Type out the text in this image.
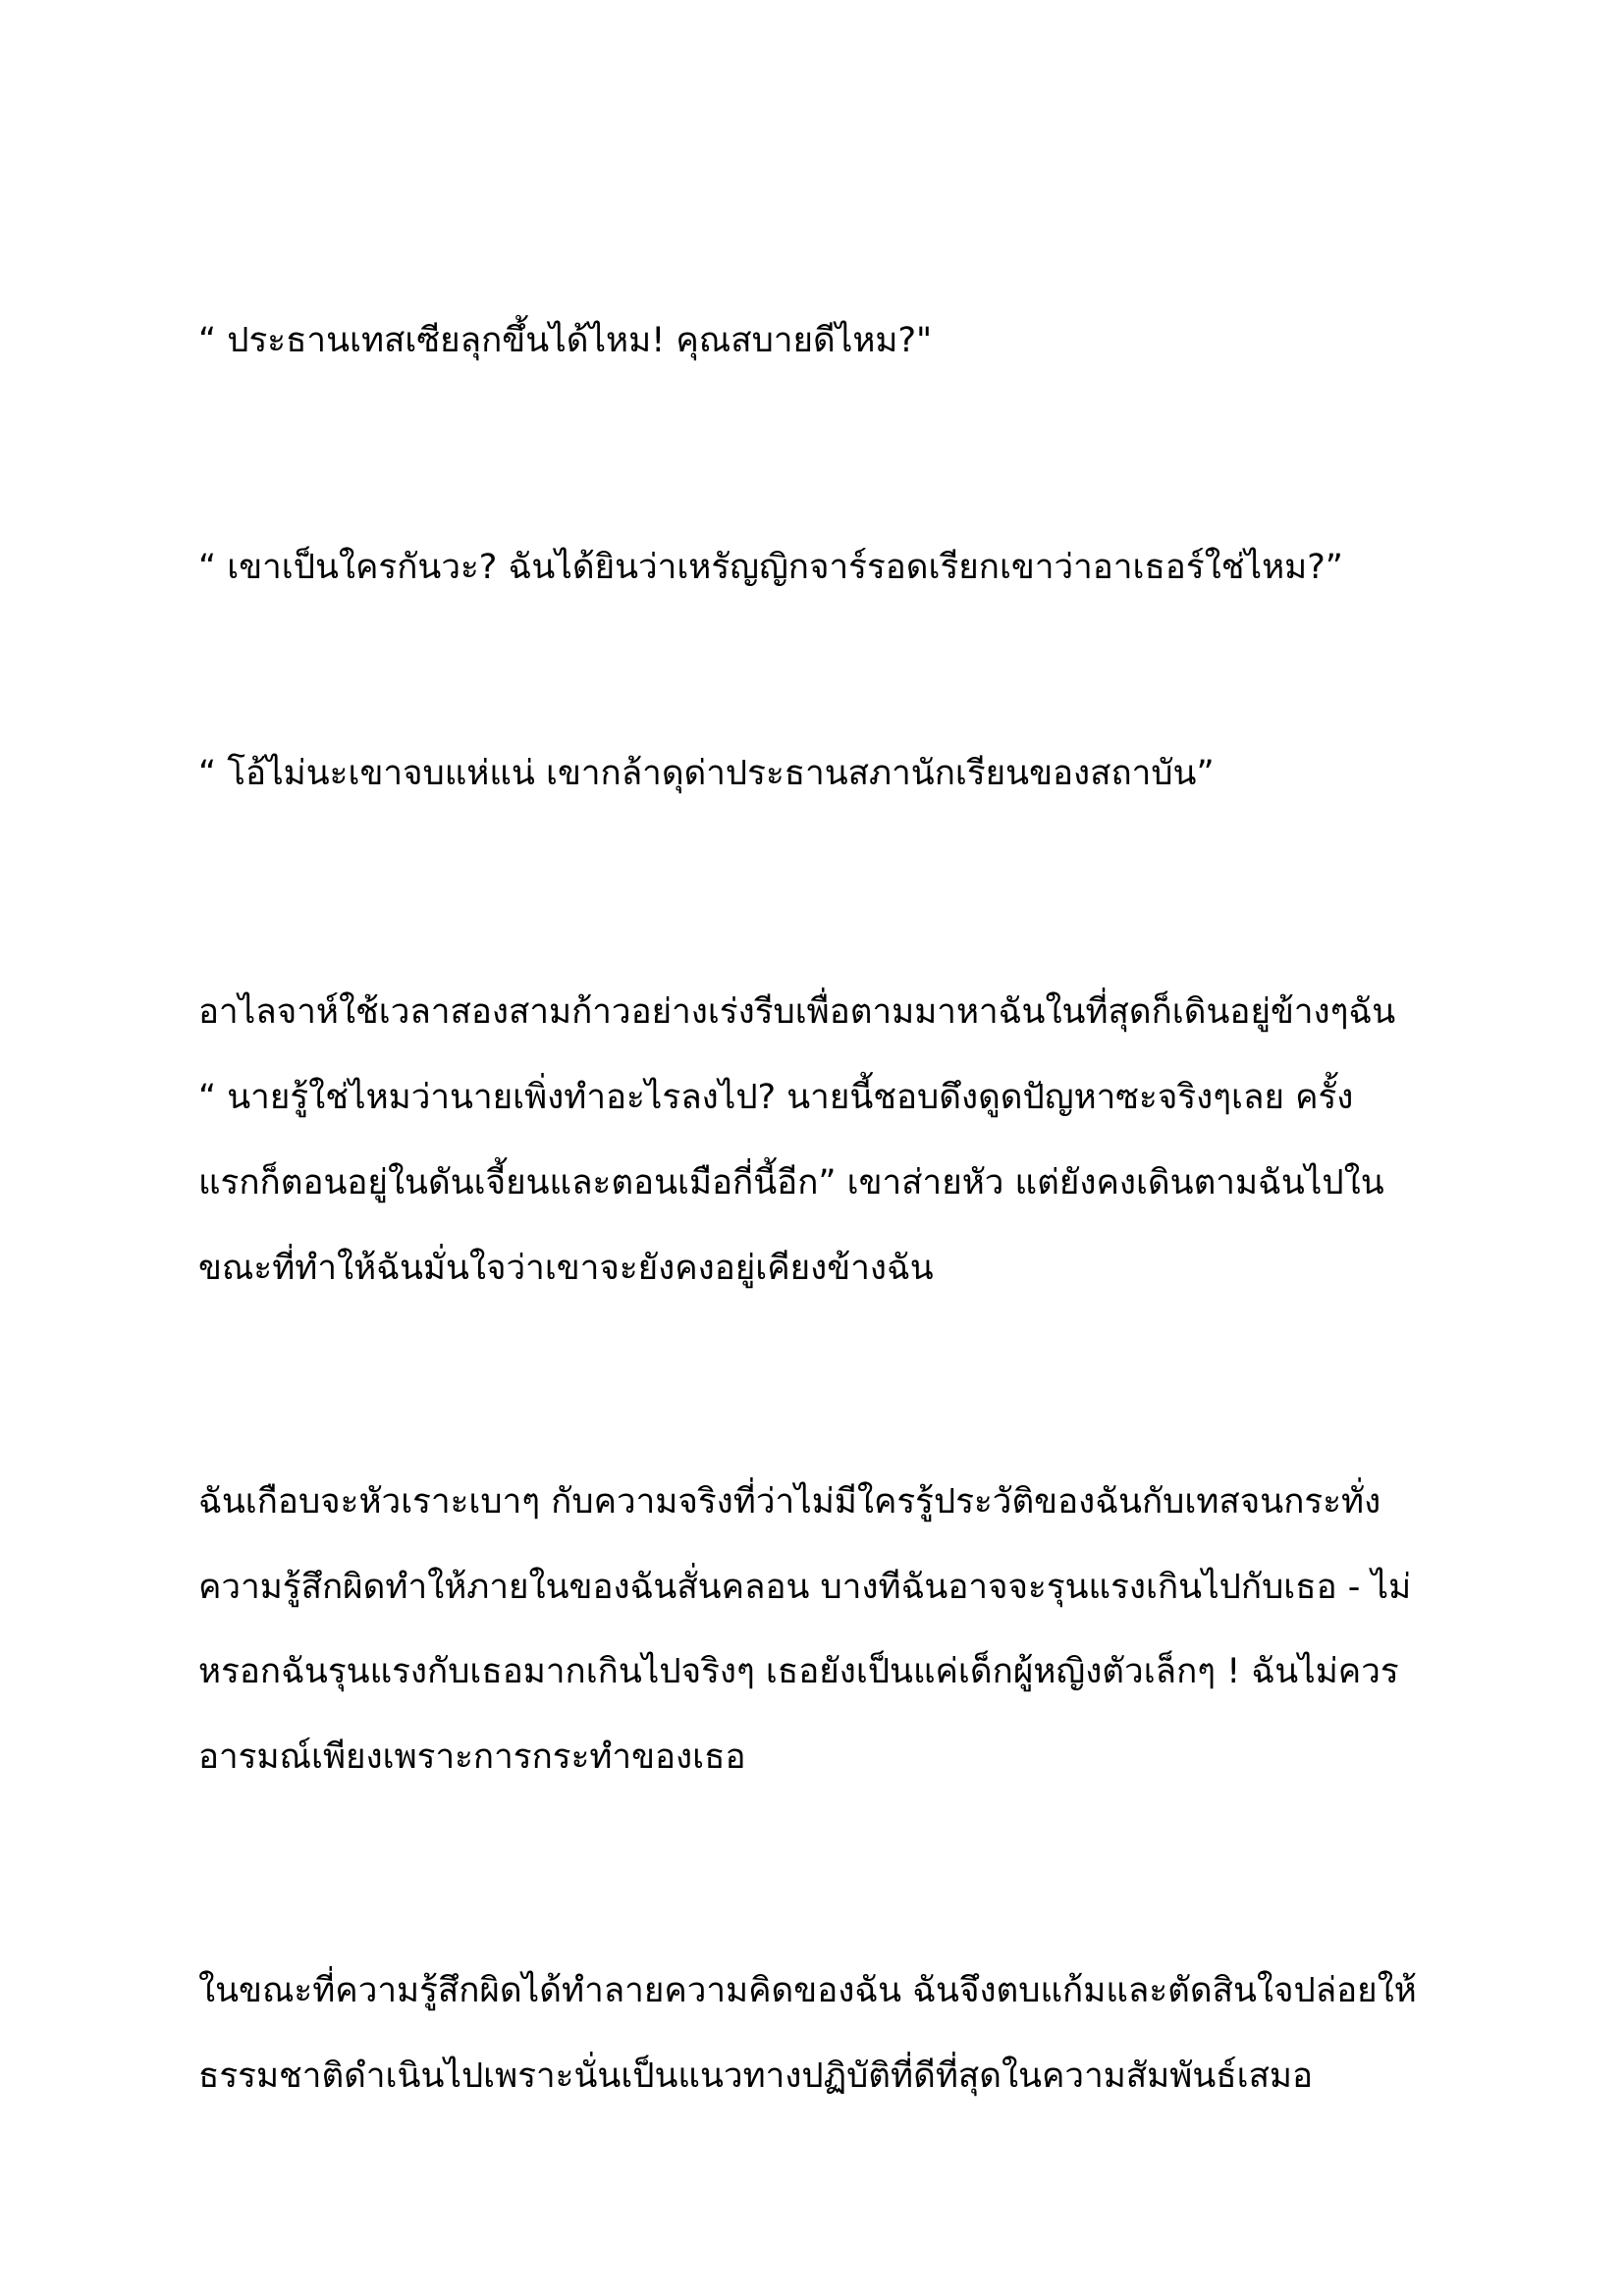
“ ประธานเทสเซียลุกขึ้นได้ไหม! คุณสบายดีไหม?"
“ เขาเป็นใครกันวะ? ฉันได้ยินว่าเหรัญญิกจาร์รอดเรียกเขาว่าอาเธอร์ใช่ไหม?”
“ โอ้ไม่นะเขาจบแห่แน่ เขากล้าดุด่าประธานสภานักเรียนของสถาบัน”
อาไลจาห์ใช้เวลาสองสามก้าวอย่างเร่งรีบเพื่อตามมาหาฉันในที่สุดก็เดินอยู่ข้างๆฉัน
“ นายรู้ใช่ไหมว่านายเพิ่งทำอะไรลงไป? นายนี้ชอบดึงดูดปัญหาซะจริงๆเลย ครั้ง
แรกก็ตอนอยู่ในดันเจี้ยนและตอนเมือกี่นี้อีก” เขาส่ายหัว แต่ยังคงเดินตามฉันไปใน
ขณะที่ทำให้ฉันมั่นใจว่าเขาจะยังคงอยู่เคียงข้างฉัน
ฉันเกือบจะหัวเราะเบาๆ กับความจริงที่ว่าไม่มีใครรู้ประวัติของฉันกับเทสจนกระทั่ง
ความรู้สึกผิดทำให้ภายในของฉันสั่นคลอน บางทีฉันอาจจะรุนแรงเกินไปกับเธอ - ไม่
หรอกฉันรุนแรงกับเธอมากเกินไปจริงๆ เธอยังเป็นแค่เด็กผู้หญิงตัวเล็กๆ ! ฉันไม่ควร
อารมณ์เพียงเพราะการกระทำของเธอ
ในขณะที่ความรู้สึกผิดได้ทำลายความคิดของฉัน ฉันจึงตบแก้มและตัดสินใจปล่อยให้
ธรรมชาติดำเนินไปเพราะนั่นเป็นแนวทางปฏิบัติที่ดีที่สุดในความสัมพันธ์เสมอ
